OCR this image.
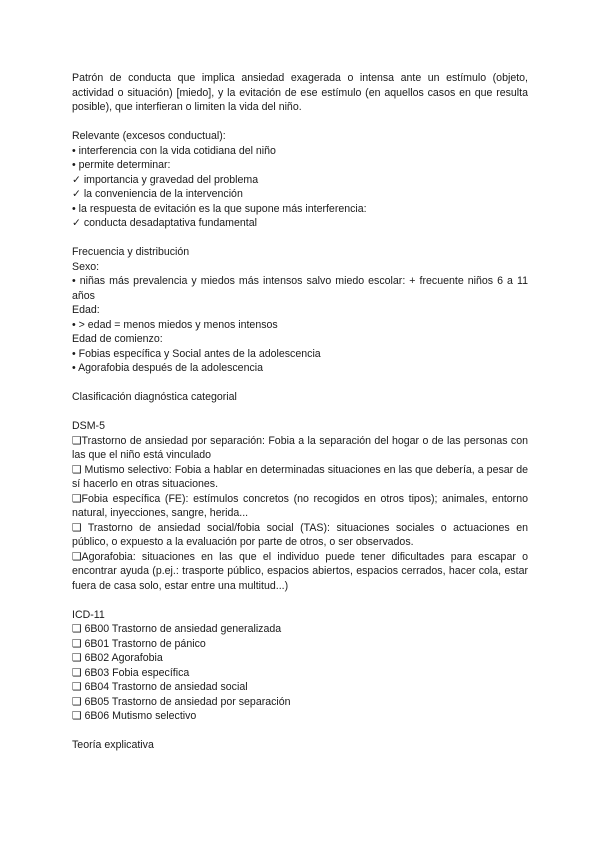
Patrón de conducta que implica ansiedad exagerada o intensa ante un estímulo (objeto, actividad o situación) [miedo], y la evitación de ese estímulo (en aquellos casos en que resulta posible), que interfieran o limiten la vida del niño.

Relevante (excesos conductual):
• interferencia con la vida cotidiana del niño
• permite determinar:
✓ importancia y gravedad del problema
✓ la conveniencia de la intervención
• la respuesta de evitación es la que supone más interferencia:
✓ conducta desadaptativa fundamental
Frecuencia y distribución
Sexo:

• niñas más prevalencia y miedos más intensos salvo miedo escolar: + frecuente niños 6 a 11 años

Edad:
• > edad = menos miedos y menos intensos
Edad de comienzo:
• Fobias específica y Social antes de la adolescencia
• Agorafobia después de la adolescencia
Clasificación diagnóstica categorial
DSM-5

❑Trastorno de ansiedad por separación: Fobia a la separación del hogar o de las personas con las que el niño está vinculado

❑ Mutismo selectivo: Fobia a hablar en determinadas situaciones en las que debería, a pesar de sí hacerlo en otras situaciones.

❑Fobia específica (FE): estímulos concretos (no recogidos en otros tipos); animales, entorno natural, inyecciones, sangre, herida...

❑ Trastorno de ansiedad social/fobia social (TAS): situaciones sociales o actuaciones en público, o expuesto a la evaluación por parte de otros, o ser observados.

❑Agorafobia: situaciones en las que el individuo puede tener dificultades para escapar o encontrar ayuda (p.ej.: trasporte público, espacios abiertos, espacios cerrados, hacer cola, estar fuera de casa solo, estar entre una multitud...)

ICD-11
❑ 6B00 Trastorno de ansiedad generalizada
❑ 6B01 Trastorno de pánico
❑ 6B02 Agorafobia
❑ 6B03 Fobia específica
❑ 6B04 Trastorno de ansiedad social
❑ 6B05 Trastorno de ansiedad por separación
❑ 6B06 Mutismo selectivo
Teoría explicativa
